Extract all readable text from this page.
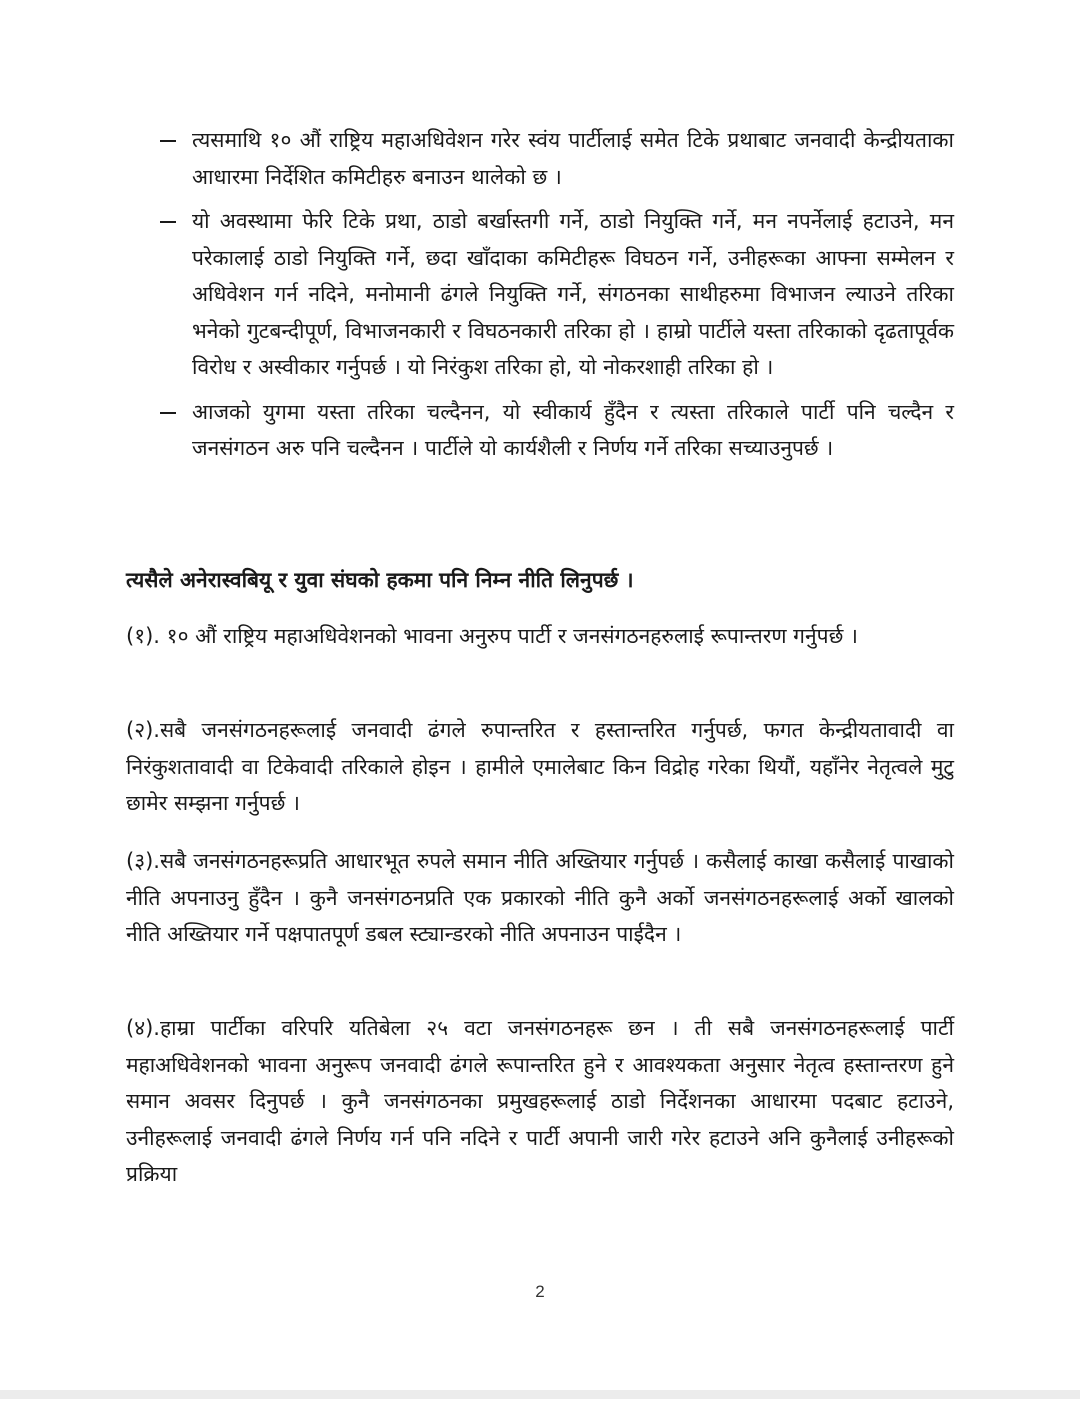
त्यसमाथि १० औं राष्ट्रिय महाअधिवेशन गरेर स्वंय पार्टीलाई समेत टिके प्रथाबाट जनवादी केन्द्रीयताका आधारमा निर्देशित कमिटीहरु बनाउन थालेको छ ।
यो अवस्थामा फेरि टिके प्रथा, ठाडो बर्खास्तगी गर्ने, ठाडो नियुक्ति गर्ने, मन नपर्नेलाई हटाउने, मन परेकालाई ठाडो नियुक्ति गर्ने, छदा खाँदाका कमिटीहरू विघठन गर्ने, उनीहरूका आफ्ना सम्मेलन र अधिवेशन गर्न नदिने, मनोमानी ढंगले नियुक्ति गर्ने, संगठनका साथीहरुमा विभाजन ल्याउने तरिका भनेको गुटबन्दीपूर्ण, विभाजनकारी र विघठनकारी तरिका हो । हाम्रो पार्टीले यस्ता तरिकाको दृढतापूर्वक विरोध र अस्वीकार गर्नुपर्छ । यो निरंकुश तरिका हो, यो नोकरशाही तरिका हो ।
आजको युगमा यस्ता तरिका चल्दैनन, यो स्वीकार्य हुँदैन र त्यस्ता तरिकाले पार्टी पनि चल्दैन र जनसंगठन अरु पनि चल्दैनन । पार्टीले यो कार्यशैली र निर्णय गर्ने तरिका सच्याउनुपर्छ ।

त्यसैले अनेरास्वबियू र युवा संघको हकमा पनि निम्न नीति लिनुपर्छ ।

(१). १० औं राष्ट्रिय महाअधिवेशनको भावना अनुरुप पार्टी र जनसंगठनहरुलाई रूपान्तरण गर्नुपर्छ ।

(२).सबै जनसंगठनहरूलाई जनवादी ढंगले रुपान्तरित र हस्तान्तरित गर्नुपर्छ, फगत केन्द्रीयतावादी वा निरंकुशतावादी वा टिकेवादी तरिकाले होइन । हामीले एमालेबाट किन विद्रोह गरेका थियौं, यहाँनेर नेतृत्वले मुटु छामेर सम्झना गर्नुपर्छ ।

(३).सबै जनसंगठनहरूप्रति आधारभूत रुपले समान नीति अख्तियार गर्नुपर्छ । कसैलाई काखा कसैलाई पाखाको नीति अपनाउनु हुँदैन । कुनै जनसंगठनप्रति एक प्रकारको नीति कुनै अर्को जनसंगठनहरूलाई अर्को खालको नीति अख्तियार गर्ने पक्षपातपूर्ण डबल स्ट्यान्डरको नीति अपनाउन पाईदैन ।

(४).हाम्रा पार्टीका वरिपरि यतिबेला २५ वटा जनसंगठनहरू छन । ती सबै जनसंगठनहरूलाई पार्टी महाअधिवेशनको भावना अनुरूप जनवादी ढंगले रूपान्तरित हुने र आवश्यकता अनुसार नेतृत्व हस्तान्तरण हुने समान अवसर दिनुपर्छ । कुनै जनसंगठनका प्रमुखहरूलाई ठाडो निर्देशनका आधारमा पदबाट हटाउने, उनीहरूलाई जनवादी ढंगले निर्णय गर्न पनि नदिने र पार्टी अपानी जारी गरेर हटाउने अनि कुनैलाई उनीहरूको प्रक्रिया

2
